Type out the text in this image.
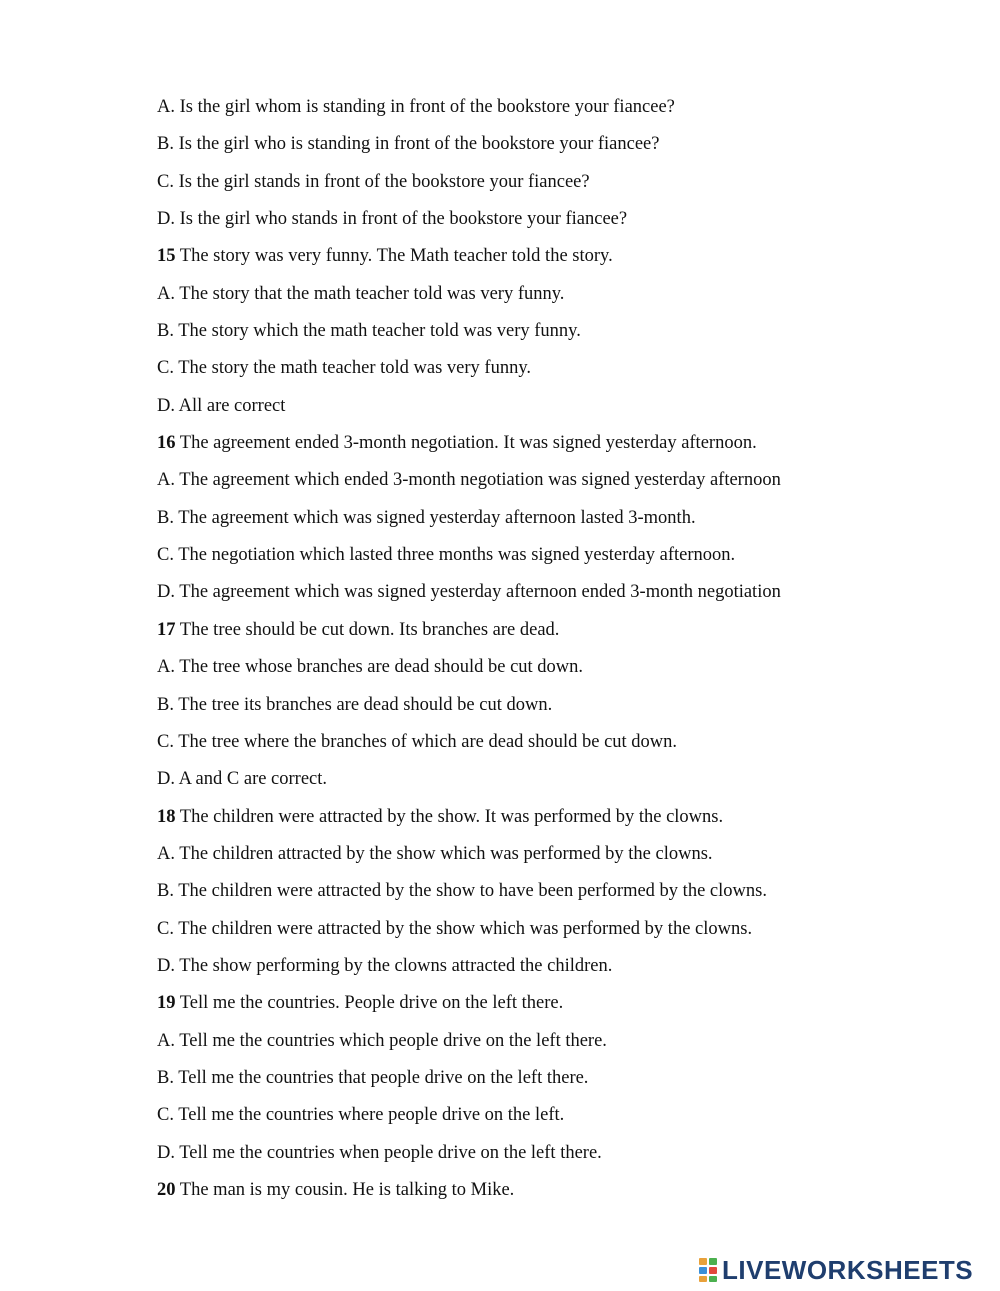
A. Is the girl whom is standing in front of the bookstore your fiancee?
B. Is the girl who is standing in front of the bookstore your fiancee?
C. Is the girl stands in front of the bookstore your fiancee?
D. Is the girl who stands in front of the bookstore your fiancee?
15 The story was very funny. The Math teacher told the story.
A. The story that the math teacher told was very funny.
B. The story which the math teacher told was very funny.
C. The story the math teacher told was very funny.
D. All are correct
16 The agreement ended 3-month negotiation. It was signed yesterday afternoon.
A. The agreement which ended 3-month negotiation was signed yesterday afternoon
B. The agreement which was signed yesterday afternoon lasted 3-month.
C. The negotiation which lasted three months was signed yesterday afternoon.
D. The agreement which was signed yesterday afternoon ended 3-month negotiation
17 The tree should be cut down. Its branches are dead.
A. The tree whose branches are dead should be cut down.
B. The tree its branches are dead should be cut down.
C. The tree where the branches of which are dead should be cut down.
D. A and C are correct.
18 The children were attracted by the show. It was performed by the clowns.
A. The children attracted by the show which was performed by the clowns.
B. The children were attracted by the show to have been performed by the clowns.
C. The children were attracted by the show which was performed by the clowns.
D. The show performing by the clowns attracted the children.
19 Tell me the countries. People drive on the left there.
A. Tell me the countries which people drive on the left there.
B. Tell me the countries that people drive on the left there.
C. Tell me the countries where people drive on the left.
D. Tell me the countries when people drive on the left there.
20 The man is my cousin. He is talking to Mike.
LIVEWORKSHEETS
